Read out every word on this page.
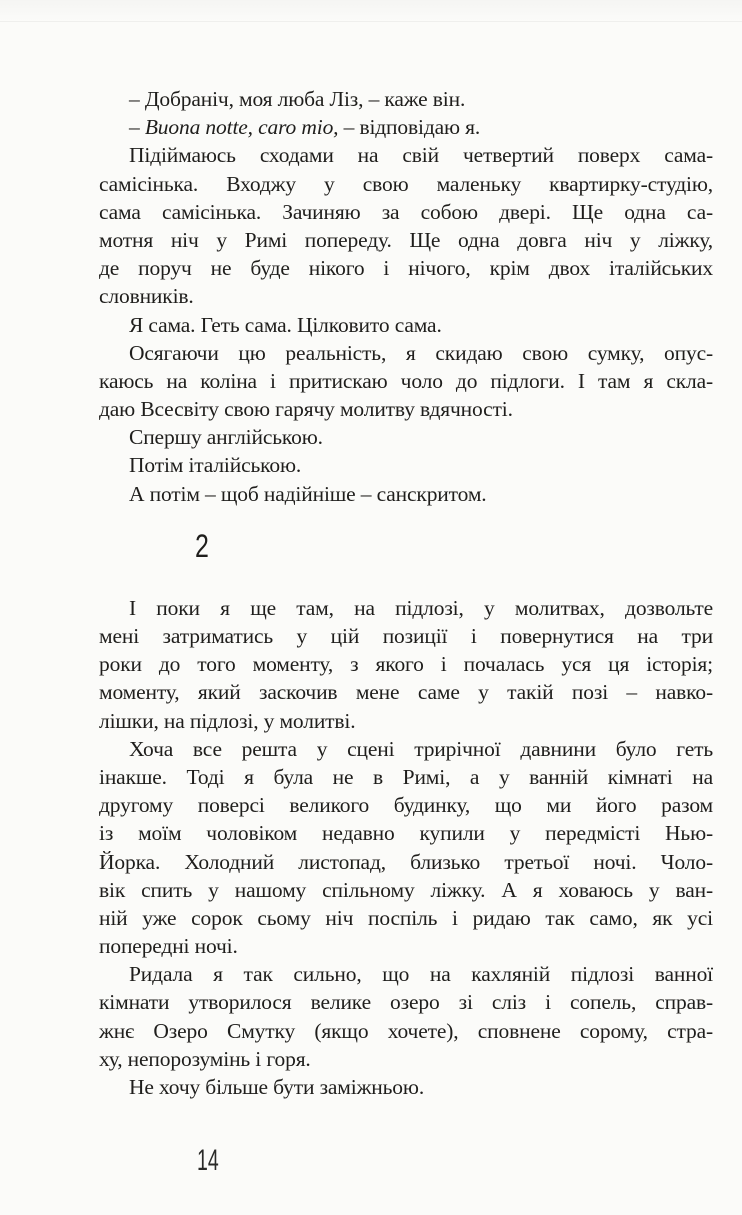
– Добраніч, моя люба Ліз, – каже він.
– Buona notte, caro mio, – відповідаю я.
Підіймаюсь сходами на свій четвертий поверх сама-
самісінька. Входжу у свою маленьку квартирку-студію,
сама самісінька. Зачиняю за собою двері. Ще одна са-
мотня ніч у Римі попереду. Ще одна довга ніч у ліжку,
де поруч не буде нікого і нічого, крім двох італійських
словників.
Я сама. Геть сама. Цілковито сама.
Осягаючи цю реальність, я скидаю свою сумку, опус-
каюсь на коліна і притискаю чоло до підлоги. І там я скла-
даю Всесвіту свою гарячу молитву вдячності.
Спершу англійською.
Потім італійською.
А потім – щоб надійніше – санскритом.
2
І поки я ще там, на підлозі, у молитвах, дозвольте
мені затриматись у цій позиції і повернутися на три
роки до того моменту, з якого і почалась уся ця історія;
моменту, який заскочив мене саме у такій позі – навко-
лішки, на підлозі, у молитві.
Хоча все решта у сцені трирічної давнини було геть
інакше. Тоді я була не в Римі, а у ванній кімнаті на
другому поверсі великого будинку, що ми його разом
із моїм чоловіком недавно купили у передмісті Нью-
Йорка. Холодний листопад, близько третьої ночі. Чоло-
вік спить у нашому спільному ліжку. А я ховаюсь у ван-
ній уже сорок сьому ніч поспіль і ридаю так само, як усі
попередні ночі.
Ридала я так сильно, що на кахляній підлозі ванної
кімнати утворилося велике озеро зі сліз і сопель, справ-
жнє Озеро Смутку (якщо хочете), сповнене сорому, стра-
ху, непорозумінь і горя.
Не хочу більше бути заміжньою.
14
